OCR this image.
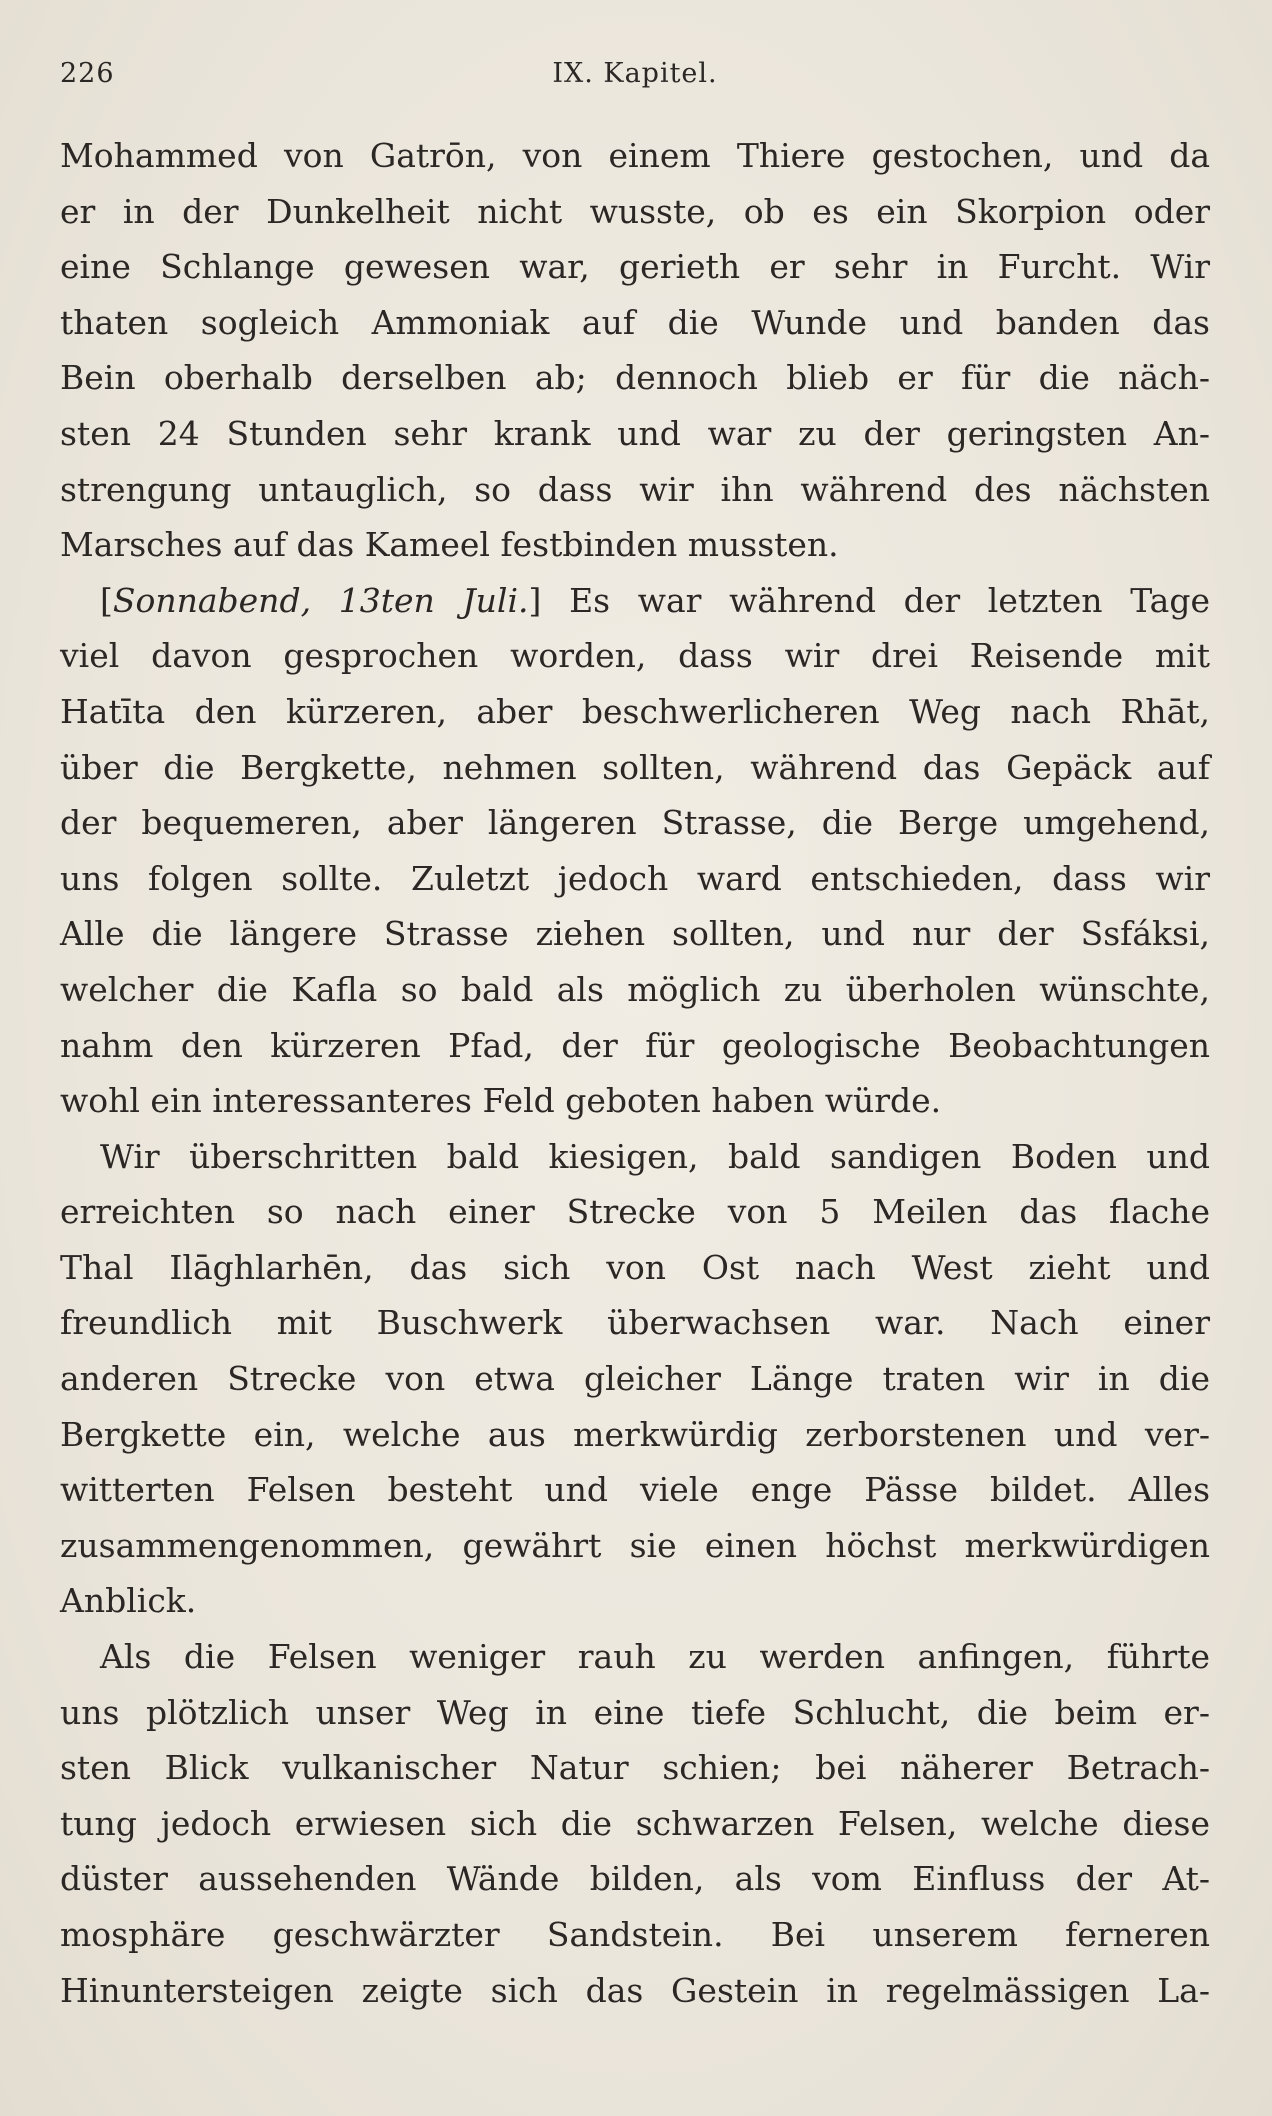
226	IX. Kapitel.

Mohammed von Gatrōn, von einem Thiere gestochen, und da
er in der Dunkelheit nicht wusste, ob es ein Skorpion oder
eine Schlange gewesen war, gerieth er sehr in Furcht. Wir
thaten sogleich Ammoniak auf die Wunde und banden das
Bein oberhalb derselben ab; dennoch blieb er für die näch-
sten 24 Stunden sehr krank und war zu der geringsten An-
strengung untauglich, so dass wir ihn während des nächsten
Marsches auf das Kameel festbinden mussten.

[Sonnabend, 13ten Juli.] Es war während der letzten Tage
viel davon gesprochen worden, dass wir drei Reisende mit
Hatīta den kürzeren, aber beschwerlicheren Weg nach Rhāt,
über die Bergkette, nehmen sollten, während das Gepäck auf
der bequemeren, aber längeren Strasse, die Berge umgehend,
uns folgen sollte. Zuletzt jedoch ward entschieden, dass wir
Alle die längere Strasse ziehen sollten, und nur der Ssfáksi,
welcher die Kafla so bald als möglich zu überholen wünschte,
nahm den kürzeren Pfad, der für geologische Beobachtungen
wohl ein interessanteres Feld geboten haben würde.

Wir überschritten bald kiesigen, bald sandigen Boden und
erreichten so nach einer Strecke von 5 Meilen das flache
Thal Ilāghlarhēn, das sich von Ost nach West zieht und
freundlich mit Buschwerk überwachsen war. Nach einer
anderen Strecke von etwa gleicher Länge traten wir in die
Bergkette ein, welche aus merkwürdig zerborstenen und ver-
witterten Felsen besteht und viele enge Pässe bildet. Alles
zusammengenommen, gewährt sie einen höchst merkwürdigen
Anblick.

Als die Felsen weniger rauh zu werden anfingen, führte
uns plötzlich unser Weg in eine tiefe Schlucht, die beim er-
sten Blick vulkanischer Natur schien; bei näherer Betrach-
tung jedoch erwiesen sich die schwarzen Felsen, welche diese
düster aussehenden Wände bilden, als vom Einfluss der At-
mosphäre geschwärzter Sandstein. Bei unserem ferneren
Hinuntersteigen zeigte sich das Gestein in regelmässigen La-
